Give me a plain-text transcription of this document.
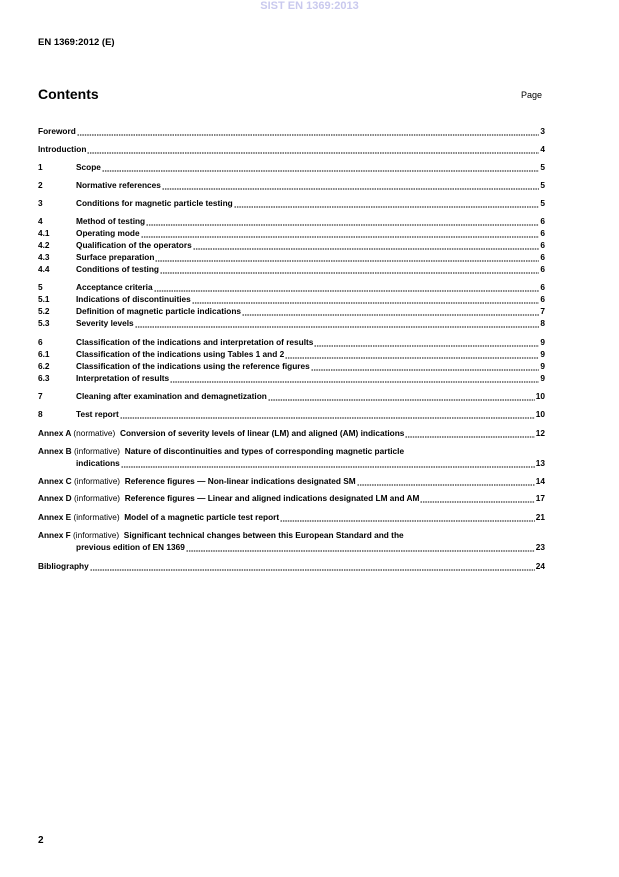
SIST EN 1369:2013
EN 1369:2012 (E)
Contents	Page
Foreword	3
Introduction	4
1	Scope	5
2	Normative references	5
3	Conditions for magnetic particle testing	5
4	Method of testing	6
4.1	Operating mode	6
4.2	Qualification of the operators	6
4.3	Surface preparation	6
4.4	Conditions of testing	6
5	Acceptance criteria	6
5.1	Indications of discontinuities	6
5.2	Definition of magnetic particle indications	7
5.3	Severity levels	8
6	Classification of the indications and interpretation of results	9
6.1	Classification of the indications using Tables 1 and 2	9
6.2	Classification of the indications using the reference figures	9
6.3	Interpretation of results	9
7	Cleaning after examination and demagnetization	10
8	Test report	10
Annex A (normative) Conversion of severity levels of linear (LM) and aligned (AM) indications	12
Annex B (informative) Nature of discontinuities and types of corresponding magnetic particle
indications	13
Annex C (informative) Reference figures — Non-linear indications designated SM	14
Annex D (informative) Reference figures — Linear and aligned indications designated LM and AM	17
Annex E (informative) Model of a magnetic particle test report	21
Annex F (informative) Significant technical changes between this European Standard and the
previous edition of EN 1369	23
Bibliography	24
2
